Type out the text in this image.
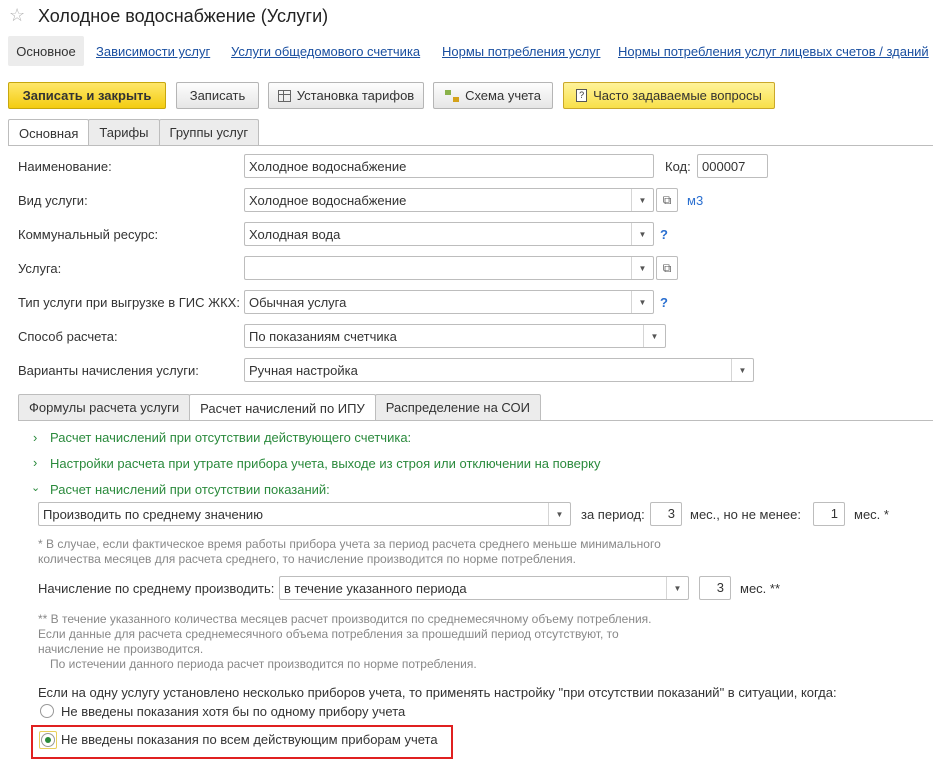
☆ Холодное водоснабжение (Услуги)
Основное	Зависимости услуг Услуги общедомового счетчика Нормы потребления услуг Нормы потребления услуг лицевых счетов / зданий
Записать и закрыть	Записать	Установка тарифов	Схема учета	? Часто задаваемые вопросы
Основная	Тарифы	Группы услуг
Наименование:	Холодное водоснабжение	Код: 000007
Вид услуги:	Холодное водоснабжение	▼	⧉	м3
Коммунальный ресурс:	Холодная вода	▼	?
Услуга:	▼	⧉
Тип услуги при выгрузке в ГИС ЖКХ: Обычная услуга	▼	?
Способ расчета:	По показаниям счетчика	▼
Варианты начисления услуги:	Ручная настройка	▼
Формулы расчета услуги	Расчет начислений по ИПУ	Распределение на СОИ
› Расчет начислений при отсутствии действующего счетчика:
› Настройки расчета при утрате прибора учета, выходе из строя или отключении на поверку
⌄ Расчет начислений при отсутствии показаний:
Производить по среднему значению	▼	за период:	3	мес., но не менее:	1	мес. *
* В случае, если фактическое время работы прибора учета за период расчета среднего меньше минимального
количества месяцев для расчета среднего, то начисление производится по норме потребления.
Начисление по среднему производить: в течение указанного периода	▼	3	мес. **
** В течение указанного количества месяцев расчет производится по среднемесячному объему потребления.
Если данные для расчета среднемесячного объема потребления за прошедший период отсутствуют, то
начисление не производится.
По истечении данного периода расчет производится по норме потребления.
Если на одну услугу установлено несколько приборов учета, то применять настройку "при отсутствии показаний" в ситуации, когда:
Не введены показания хотя бы по одному прибору учета
Не введены показания по всем действующим приборам учета
